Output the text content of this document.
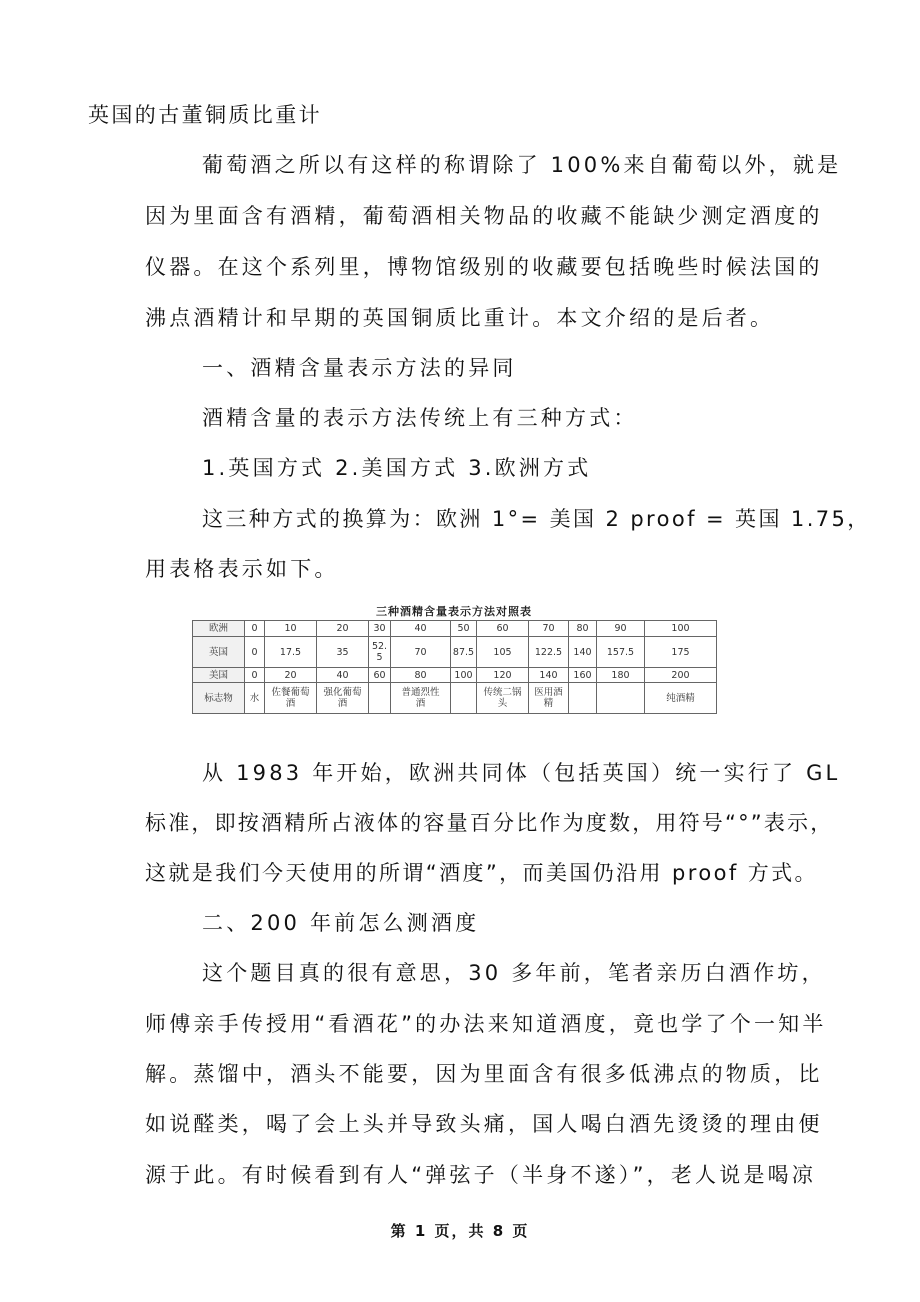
英国的古董铜质比重计
葡萄酒之所以有这样的称谓除了 100%来自葡萄以外，就是
因为里面含有酒精，葡萄酒相关物品的收藏不能缺少测定酒度的
仪器。在这个系列里，博物馆级别的收藏要包括晚些时候法国的
沸点酒精计和早期的英国铜质比重计。本文介绍的是后者。
一、酒精含量表示方法的异同
酒精含量的表示方法传统上有三种方式：
1.英国方式 2.美国方式 3.欧洲方式
这三种方式的换算为：欧洲 1°= 美国 2 proof = 英国 1.75，
用表格表示如下。
三种酒精含量表示方法对照表
欧洲	0	10	20	30	40	50	60	70	80	90	100
英国	0	17.5	35	52.5	70	87.5	105	122.5	140	157.5	175
美国	0	20	40	60	80	100	120	140	160	180	200
标志物	水	佐餐葡萄酒	强化葡萄酒		普通烈性酒		传统二锅头	医用酒精			纯酒精
从 1983 年开始，欧洲共同体（包括英国）统一实行了 GL
标准，即按酒精所占液体的容量百分比作为度数，用符号“°”表示，
这就是我们今天使用的所谓“酒度”，而美国仍沿用 proof 方式。
二、200 年前怎么测酒度
这个题目真的很有意思，30 多年前，笔者亲历白酒作坊，
师傅亲手传授用“看酒花”的办法来知道酒度，竟也学了个一知半
解。蒸馏中，酒头不能要，因为里面含有很多低沸点的物质，比
如说醛类，喝了会上头并导致头痛，国人喝白酒先烫烫的理由便
源于此。有时候看到有人“弹弦子（半身不遂）”，老人说是喝凉
第 1 页，共 8 页
